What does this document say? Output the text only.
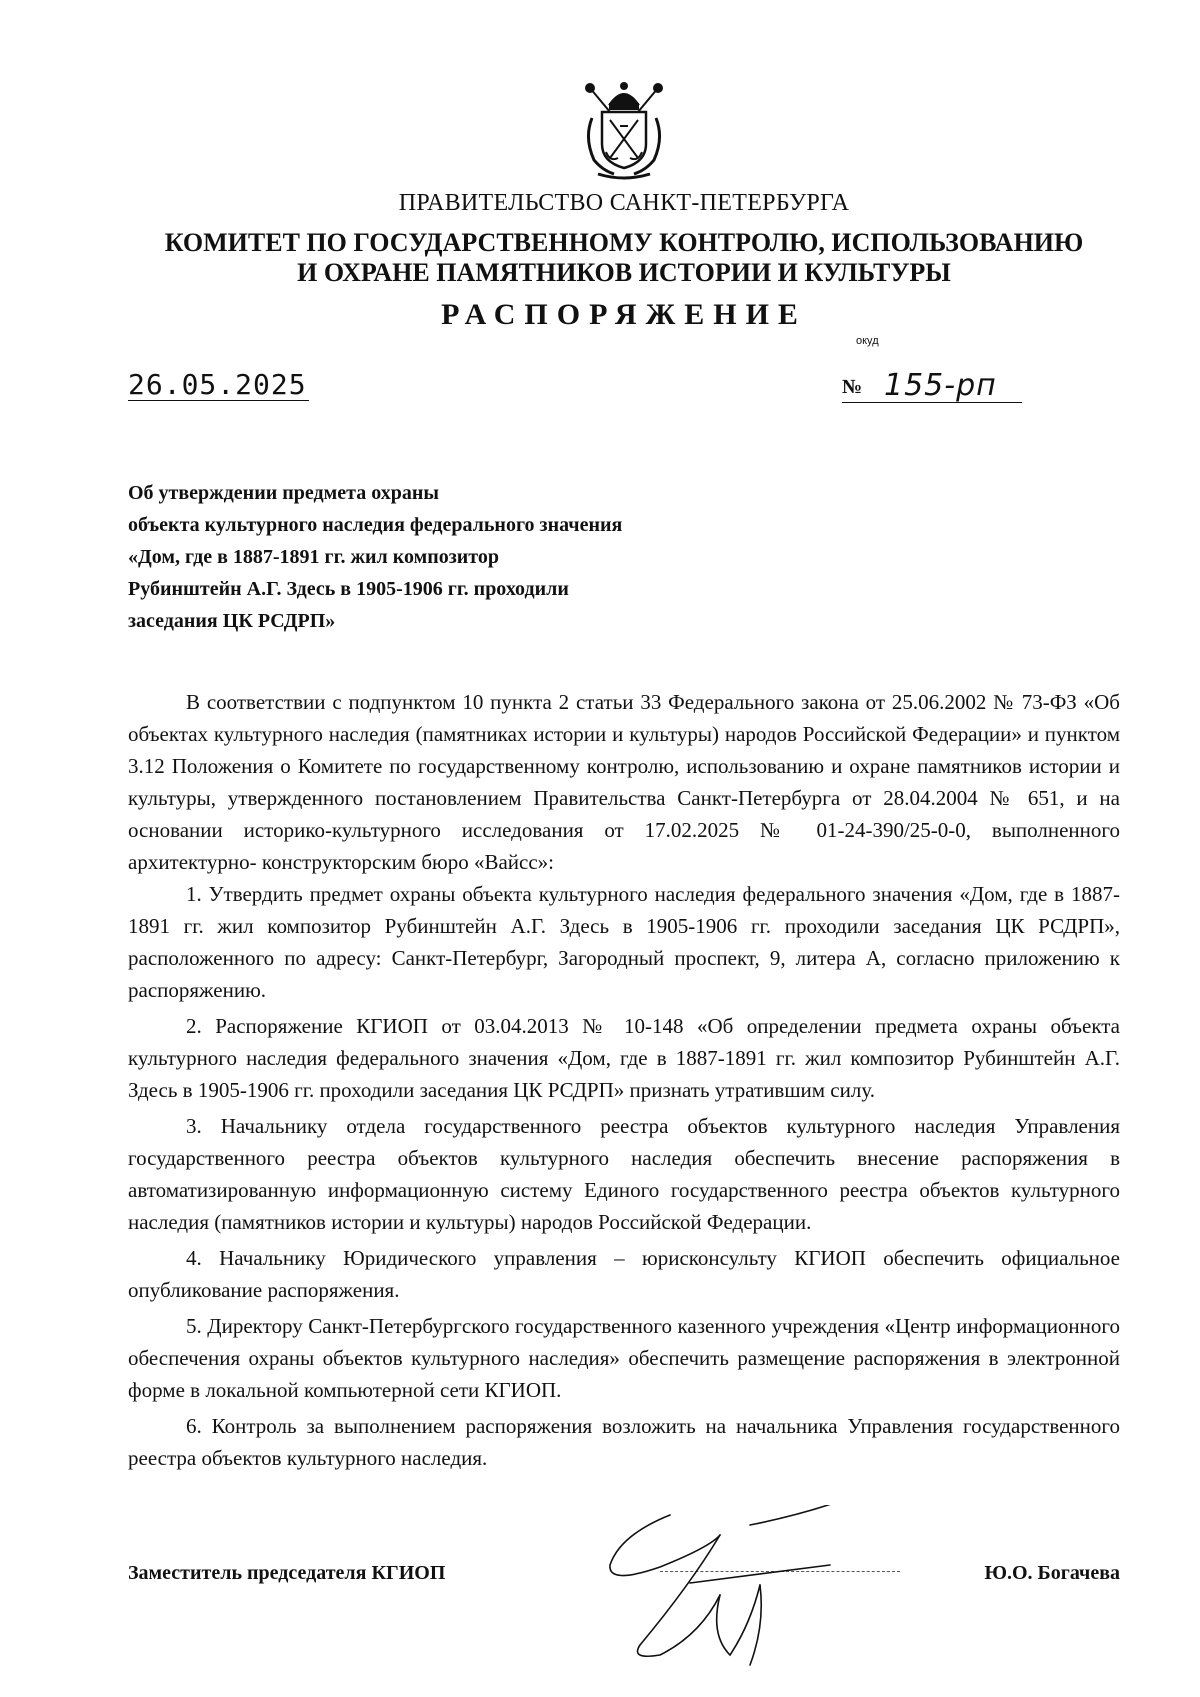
ПРАВИТЕЛЬСТВО САНКТ-ПЕТЕРБУРГА
КОМИТЕТ ПО ГОСУДАРСТВЕННОМУ КОНТРОЛЮ, ИСПОЛЬЗОВАНИЮ
И ОХРАНЕ ПАМЯТНИКОВ ИСТОРИИ И КУЛЬТУРЫ
РАСПОРЯЖЕНИЕ
окуд
26.05.2025	№ 155-рп
Об утверждении предмета охраны
объекта культурного наследия федерального значения
«Дом, где в 1887-1891 гг. жил композитор
Рубинштейн А.Г. Здесь в 1905-1906 гг. проходили
заседания ЦК РСДРП»

В соответствии с подпунктом 10 пункта 2 статьи 33 Федерального закона от 25.06.2002 № 73-ФЗ «Об объектах культурного наследия (памятниках истории и культуры) народов Российской Федерации» и пунктом 3.12 Положения о Комитете по государственному контролю, использованию и охране памятников истории и культуры, утвержденного постановлением Правительства Санкт-Петербурга от 28.04.2004 № 651, и на основании историко-культурного исследования от 17.02.2025 № 01-24-390/25-0-0, выполненного архитектурно- конструкторским бюро «Вайсс»:

1. Утвердить предмет охраны объекта культурного наследия федерального значения «Дом, где в 1887-1891 гг. жил композитор Рубинштейн А.Г. Здесь в 1905-1906 гг. проходили заседания ЦК РСДРП», расположенного по адресу: Санкт-Петербург, Загородный проспект, 9, литера А, согласно приложению к распоряжению.

2. Распоряжение КГИОП от 03.04.2013 № 10-148 «Об определении предмета охраны объекта культурного наследия федерального значения «Дом, где в 1887-1891 гг. жил композитор Рубинштейн А.Г. Здесь в 1905-1906 гг. проходили заседания ЦК РСДРП» признать утратившим силу.

3. Начальнику отдела государственного реестра объектов культурного наследия Управления государственного реестра объектов культурного наследия обеспечить внесение распоряжения в автоматизированную информационную систему Единого государственного реестра объектов культурного наследия (памятников истории и культуры) народов Российской Федерации.

4. Начальнику Юридического управления – юрисконсульту КГИОП обеспечить официальное опубликование распоряжения.

5. Директору Санкт-Петербургского государственного казенного учреждения «Центр информационного обеспечения охраны объектов культурного наследия» обеспечить размещение распоряжения в электронной форме в локальной компьютерной сети КГИОП.

6. Контроль за выполнением распоряжения возложить на начальника Управления государственного реестра объектов культурного наследия.

Заместитель председателя КГИОП	Ю.О. Богачева
